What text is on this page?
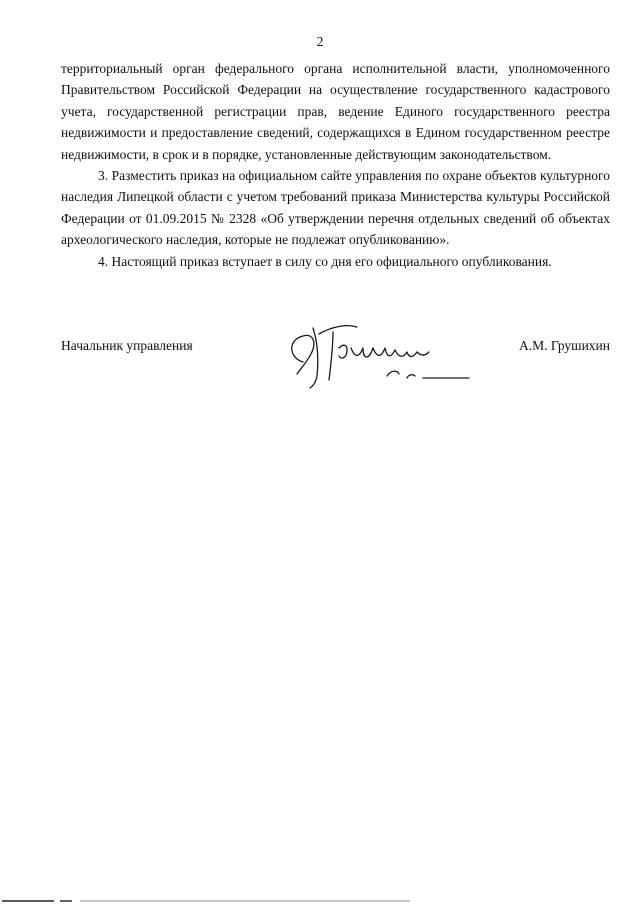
2

территориальный орган федерального органа исполнительной власти, уполномоченного Правительством Российской Федерации на осуществление государственного кадастрового учета, государственной регистрации прав, ведение Единого государственного реестра недвижимости и предоставление сведений, содержащихся в Едином государственном реестре недвижимости, в срок и в порядке, установленные действующим законодательством.

3. Разместить приказ на официальном сайте управления по охране объектов культурного наследия Липецкой области с учетом требований приказа Министерства культуры Российской Федерации от 01.09.2015 № 2328 «Об утверждении перечня отдельных сведений об объектах археологического наследия, которые не подлежат опубликованию».

4. Настоящий приказ вступает в силу со дня его официального опубликования.

Начальник управления	А.М. Грушихин
